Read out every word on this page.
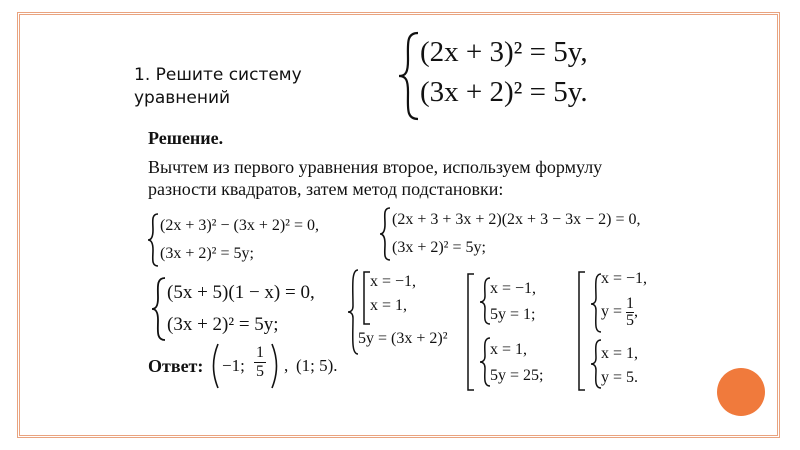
1. Решите систему
уравнений
(2x + 3)² = 5y,
(3x + 2)² = 5y.
Решение.
Вычтем из первого уравнения второе, используем формулу
разности квадратов, затем метод подстановки:
(2x + 3)² − (3x + 2)² = 0,
(3x + 2)² = 5y;
(2x + 3 + 3x + 2)(2x + 3 − 3x − 2) = 0,
(3x + 2)² = 5y;
(5x + 5)(1 − x) = 0,
(3x + 2)² = 5y;
x = −1,
x = 1,
5y = (3x + 2)²
x = −1,
5y = 1;
x = 1,
5y = 25;
x = −1,
$y = \frac{1}{5}$ ,
x = 1,
y = 5.
Ответ: −1; $\frac{1}{5}$ , (1; 5).
